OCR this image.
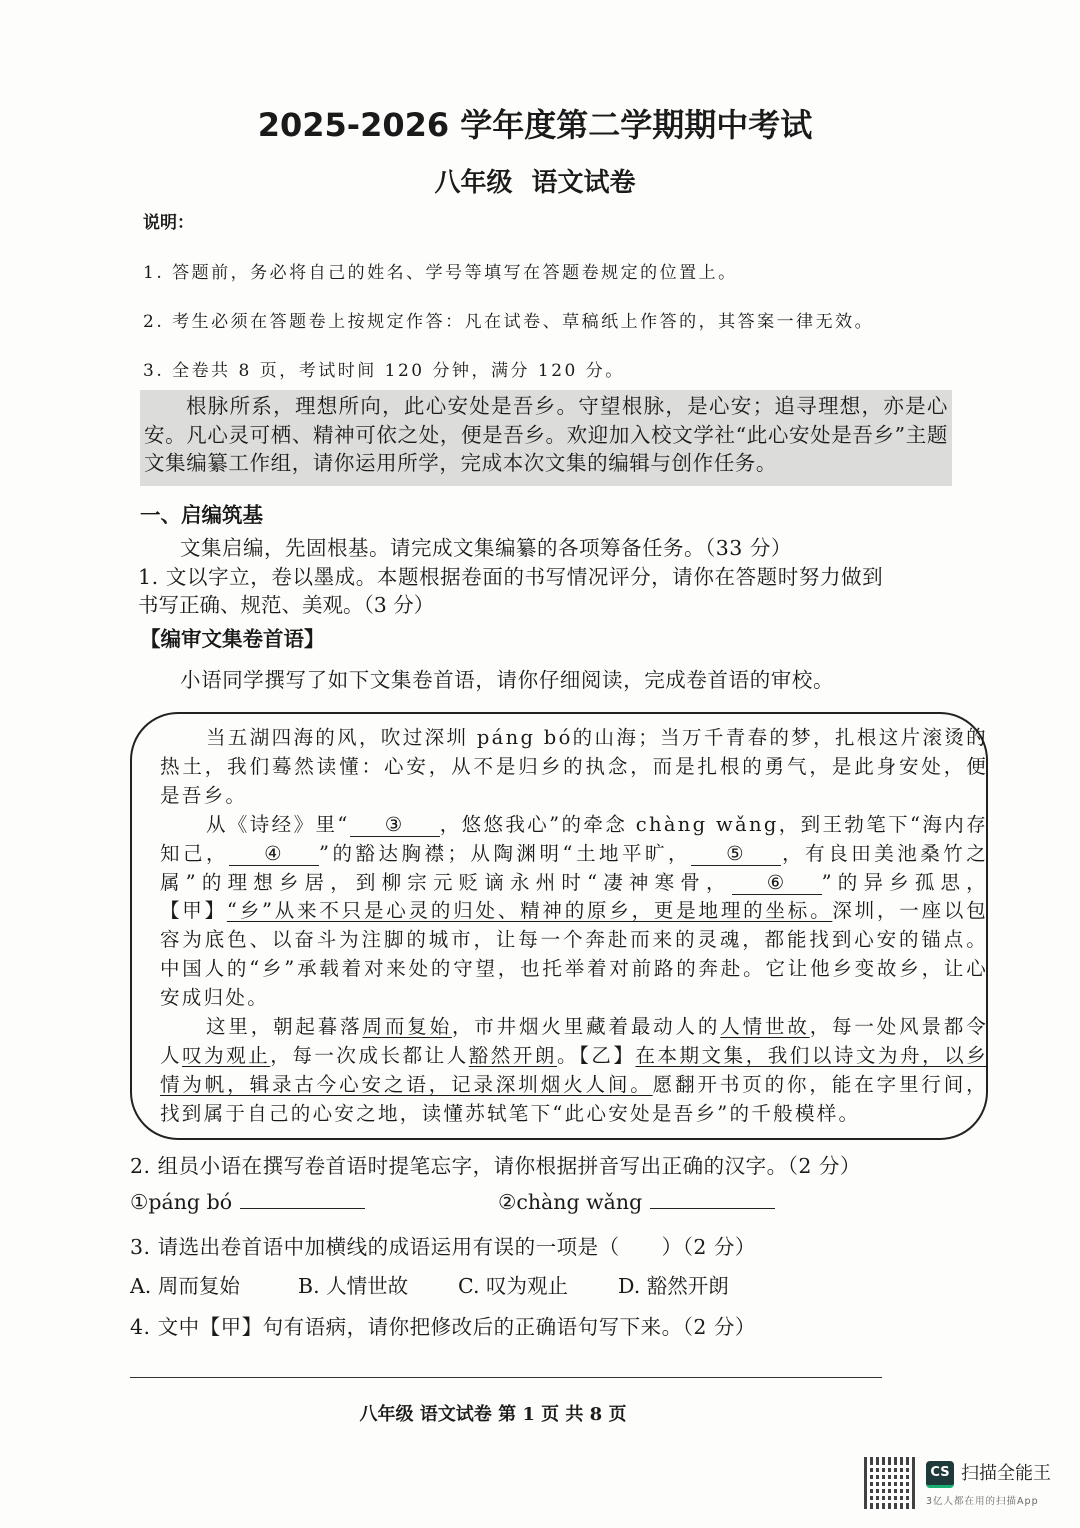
2025-2026 学年度第二学期期中考试
八年级 语文试卷
说明：
1. 答题前，务必将自己的姓名、学号等填写在答题卷规定的位置上。
2. 考生必须在答题卷上按规定作答：凡在试卷、草稿纸上作答的，其答案一律无效。
3. 全卷共 8 页，考试时间 120 分钟，满分 120 分。
根脉所系，理想所向，此心安处是吾乡。守望根脉，是心安；追寻理想，亦是心安。凡心灵可栖、精神可依之处，便是吾乡。欢迎加入校文学社“此心安处是吾乡”主题文集编纂工作组，请你运用所学，完成本次文集的编辑与创作任务。
一、启编筑基
文集启编，先固根基。请完成文集编纂的各项筹备任务。（33 分）
1. 文以字立，卷以墨成。本题根据卷面的书写情况评分，请你在答题时努力做到
书写正确、规范、美观。（3 分）
【编审文集卷首语】
小语同学撰写了如下文集卷首语，请你仔细阅读，完成卷首语的审校。

当五湖四海的风，吹过深圳 páng bó的山海；当万千青春的梦，扎根这片滚烫的热土，我们蓦然读懂：心安，从不是归乡的执念，而是扎根的勇气，是此身安处，便是吾乡。

从《诗经》里“ ③ ，悠悠我心”的牵念 chàng wǎng，到王勃笔下“海内存知己， ④ ”的豁达胸襟；从陶渊明“土地平旷， ⑤ ，有良田美池桑竹之属”的理想乡居，到柳宗元贬谪永州时“凄神寒骨， ⑥ ”的异乡孤思，【甲】“乡”从来不只是心灵的归处、精神的原乡，更是地理的坐标。深圳，一座以包容为底色、以奋斗为注脚的城市，让每一个奔赴而来的灵魂，都能找到心安的锚点。中国人的“乡”承载着对来处的守望，也托举着对前路的奔赴。它让他乡变故乡，让心安成归处。

这里，朝起暮落周而复始，市井烟火里藏着最动人的人情世故，每一处风景都令人叹为观止，每一次成长都让人豁然开朗。【乙】在本期文集，我们以诗文为舟，以乡情为帆，辑录古今心安之语，记录深圳烟火人间。愿翻开书页的你，能在字里行间，找到属于自己的心安之地，读懂苏轼笔下“此心安处是吾乡”的千般模样。

2. 组员小语在撰写卷首语时提笔忘字，请你根据拼音写出正确的汉字。（2 分）
①páng bó	②chàng wǎng
3. 请选出卷首语中加横线的成语运用有误的一项是（　　）（2 分）
A. 周而复始	B. 人情世故 C. 叹为观止 D. 豁然开朗
4. 文中【甲】句有语病，请你把修改后的正确语句写下来。（2 分）
八年级 语文试卷 第 1 页 共 8 页
CS 扫描全能王
3亿人都在用的扫描App
